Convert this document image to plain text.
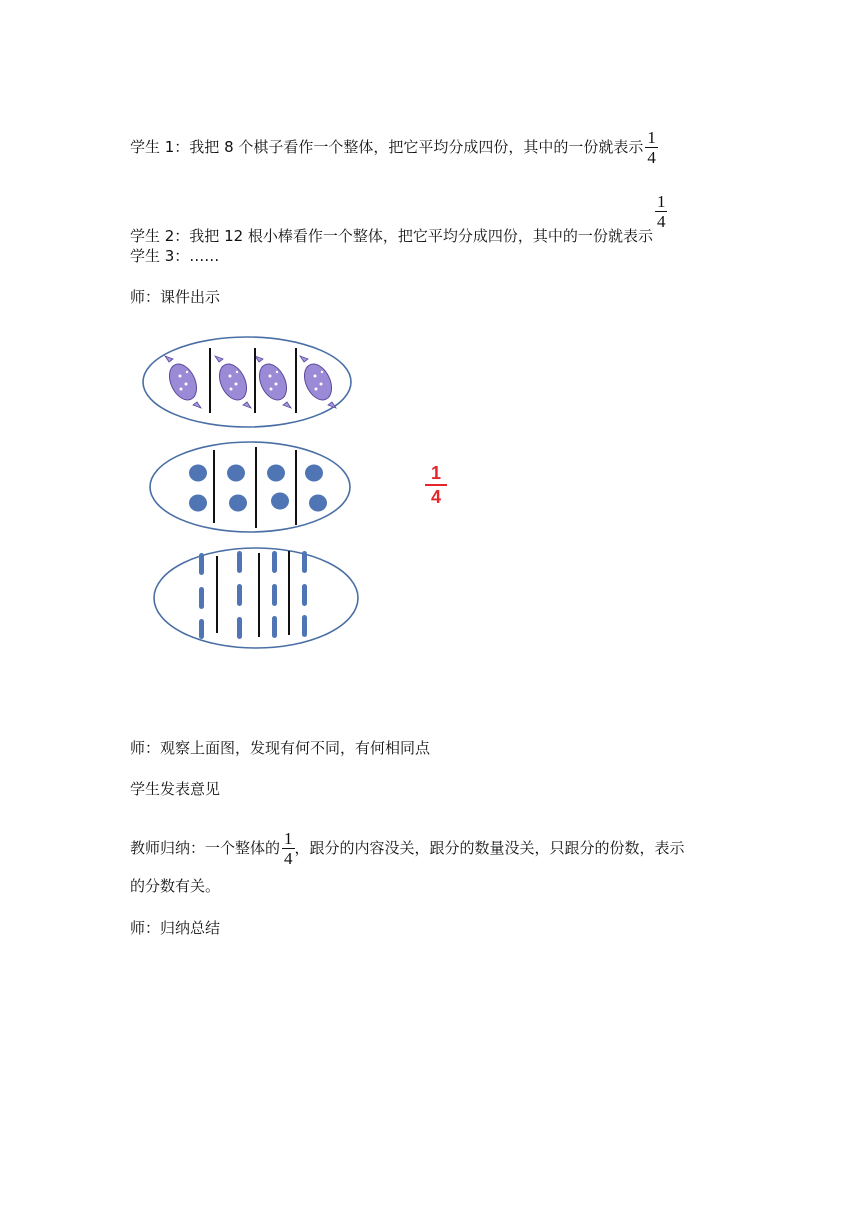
学生 1：我把 8 个棋子看作一个整体，把它平均分成四份，其中的一份就表示 $\frac{1}{4}$
学生 2：我把 12 根小棒看作一个整体，把它平均分成四份，其中的一份就表示
$\frac{1}{4}$
学生 3：……
师：课件出示
$\frac{1}{4}$
师：观察上面图，发现有何不同，有何相同点
学生发表意见
教师归纳：一个整体的 $\frac{1}{4}$ ，跟分的内容没关，跟分的数量没关，只跟分的份数，表示
的分数有关。
师：归纳总结
